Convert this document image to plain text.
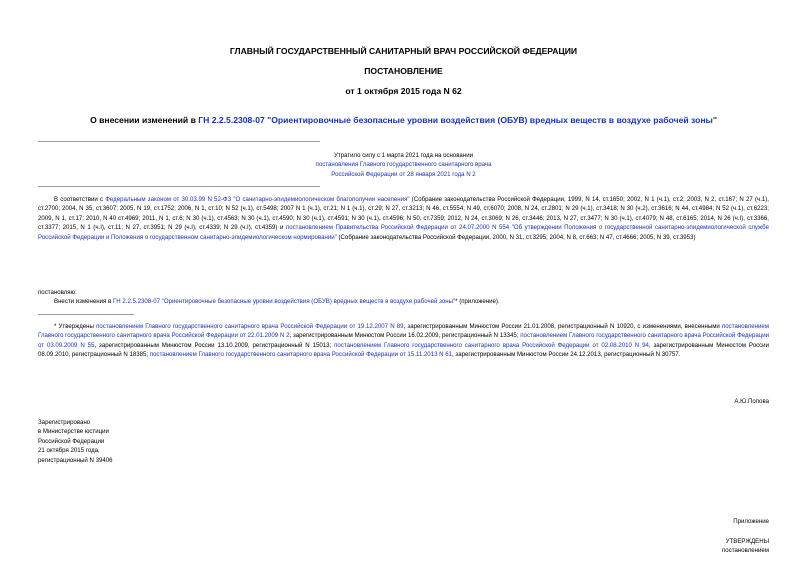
ГЛАВНЫЙ ГОСУДАРСТВЕННЫЙ САНИТАРНЫЙ ВРАЧ РОССИЙСКОЙ ФЕДЕРАЦИИ
ПОСТАНОВЛЕНИЕ
от 1 октября 2015 года N 62
О внесении изменений в ГН 2.2.5.2308-07 "Ориентировочные безопасные уровни воздействия (ОБУВ) вредных веществ в воздухе рабочей зоны"
Утратило силу с 1 марта 2021 года на основании
постановления Главного государственного санитарного врача
Российской Федерации от 28 января 2021 года N 2
В соответствии с Федеральным законом от 30.03.99 N 52-ФЗ "О санитарно-эпидемиологическом благополучии населения" (Собрание законодательства Российской Федерации, 1999, N 14, ст.1650; 2002, N 1 (ч.1), ст.2; 2003, N 2, ст.167; N 27 (ч.1), ст.2700; 2004, N 35, ст.3607; 2005, N 19, ст.1752; 2006, N 1, ст.10; N 52 (ч.1), ст.5498; 2007 N 1 (ч.1), ст.21; N 1 (ч.1), ст.29; N 27, ст.3213; N 46, ст.5554; N 49, ст.6070; 2008, N 24, ст.2801; N 29 (ч.1), ст.3418; N 30 (ч.2), ст.3616; N 44, ст.4984; N 52 (ч.1), ст.6223; 2009, N 1, ст.17; 2010, N 40 ст.4969; 2011, N 1, ст.6; N 30 (ч.1), ст.4563; N 30 (ч.1), ст.4590; N 30 (ч.1), ст.4591; N 30 (ч.1), ст.4596; N 50, ст.7359; 2012, N 24, ст.3069; N 26, ст.3446; 2013, N 27, ст.3477; N 30 (ч.1), ст.4079; N 48, ст.6165; 2014, N 26 (ч.I), ст.3366, ст.3377; 2015, N 1 (ч.I), ст.11; N 27, ст.3951; N 29 (ч.I), ст.4339; N 29 (ч.I), ст.4359) и постановлением Правительства Российской Федерации от 24.07.2000 N 554 "Об утверждении Положения о государственной санитарно-эпидемиологической службе Российской Федерации и Положения о государственном санитарно-эпидемиологическом нормировании" (Собрание законодательства Российской Федерации, 2000, N 31, ст.3295; 2004, N 8, ст.663; N 47, ст.4666; 2005, N 39, ст.3953)
постановляю:
Внести изменения в ГН 2.2.5.2308-07 "Ориентировочные безопасные уровни воздействия (ОБУВ) вредных веществ в воздухе рабочей зоны"* (приложение).
* Утверждены постановлением Главного государственного санитарного врача Российской Федерации от 19.12.2007 N 89, зарегистрированным Минюстом России 21.01.2008, регистрационный N 10920, с изменениями, внесенными постановлением Главного государственного санитарного врача Российской Федерации от 22.01.2009 N 2, зарегистрированным Минюстом России 16.02.2009, регистрационный N 13345; постановлением Главного государственного санитарного врача Российской Федерации от 03.09.2009 N 55, зарегистрированным Минюстом России 13.10.2009, регистрационный N 15013; постановлением Главного государственного санитарного врача Российской Федерации от 02.08.2010 N 94, зарегистрированным Минюстом России 08.09.2010, регистрационный N 18385; постановлением Главного государственного санитарного врача Российской Федерации от 15.11.2013 N 61, зарегистрированным Минюстом России 24.12.2013, регистрационный N 30757.
А.Ю.Попова
Зарегистрировано
в Министерстве юстиции
Российской Федерации
21 октября 2015 года,
регистрационный N 39406
Приложение
УТВЕРЖДЕНЫ
постановлением
